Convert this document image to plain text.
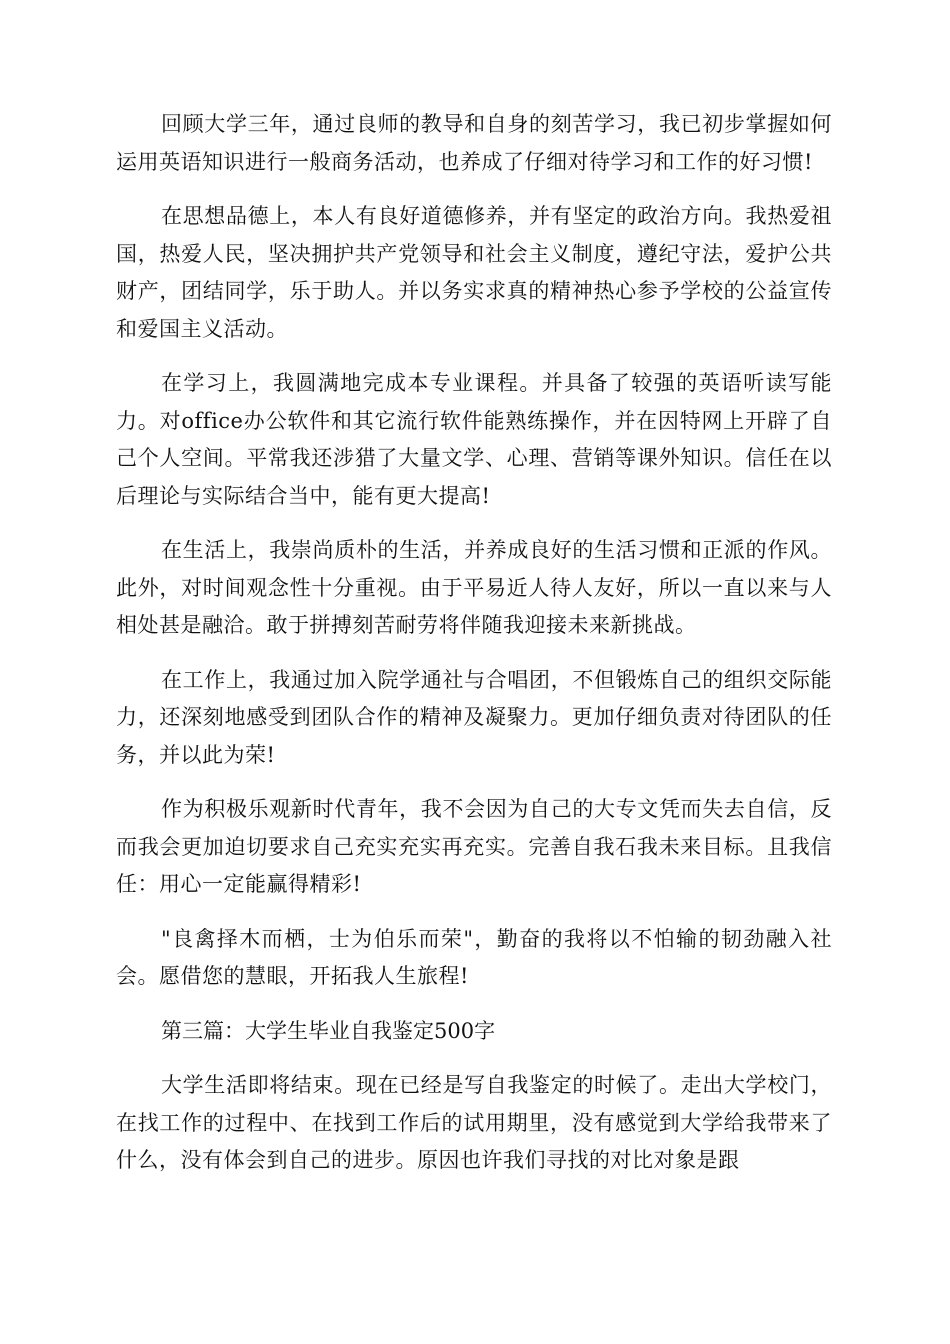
回顾大学三年，通过良师的教导和自身的刻苦学习，我已初步掌握如何运用英语知识进行一般商务活动，也养成了仔细对待学习和工作的好习惯!

在思想品德上，本人有良好道德修养，并有坚定的政治方向。我热爱祖国，热爱人民，坚决拥护共产党领导和社会主义制度，遵纪守法，爱护公共财产，团结同学，乐于助人。并以务实求真的精神热心参予学校的公益宣传和爱国主义活动。

在学习上，我圆满地完成本专业课程。并具备了较强的英语听读写能力。对office办公软件和其它流行软件能熟练操作，并在因特网上开辟了自己个人空间。平常我还涉猎了大量文学、心理、营销等课外知识。信任在以后理论与实际结合当中，能有更大提高!

在生活上，我崇尚质朴的生活，并养成良好的生活习惯和正派的作风。此外，对时间观念性十分重视。由于平易近人待人友好，所以一直以来与人相处甚是融洽。敢于拼搏刻苦耐劳将伴随我迎接未来新挑战。

在工作上，我通过加入院学通社与合唱团，不但锻炼自己的组织交际能力，还深刻地感受到团队合作的精神及凝聚力。更加仔细负责对待团队的任务，并以此为荣!

作为积极乐观新时代青年，我不会因为自己的大专文凭而失去自信，反而我会更加迫切要求自己充实充实再充实。完善自我石我未来目标。且我信任：用心一定能赢得精彩!

"良禽择木而栖，士为伯乐而荣"，勤奋的我将以不怕输的韧劲融入社会。愿借您的慧眼，开拓我人生旅程!

第三篇：大学生毕业自我鉴定500字

大学生活即将结束。现在已经是写自我鉴定的时候了。走出大学校门，在找工作的过程中、在找到工作后的试用期里，没有感觉到大学给我带来了什么，没有体会到自己的进步。原因也许我们寻找的对比对象是跟
